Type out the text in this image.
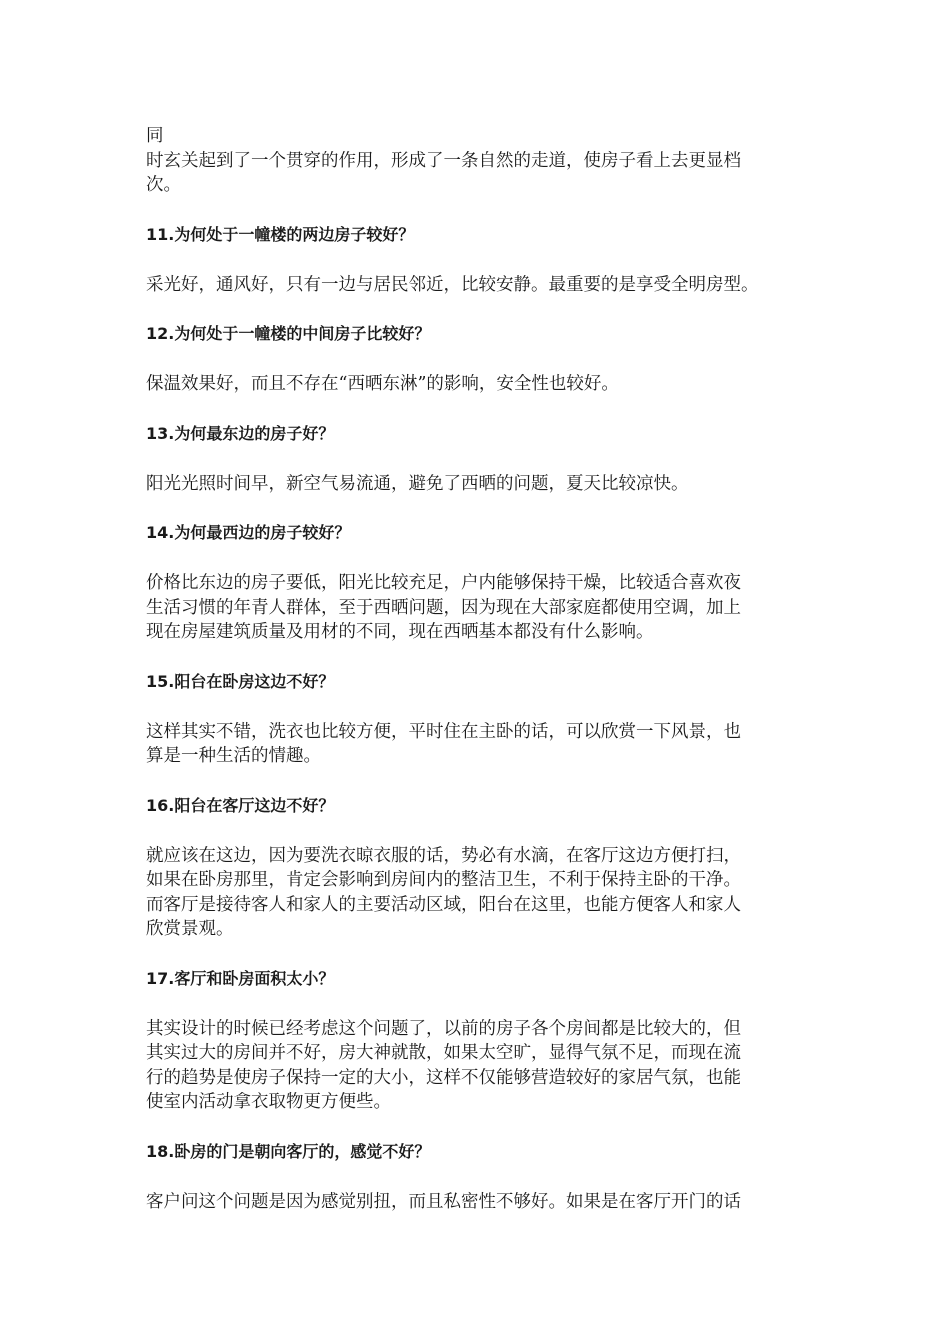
同
时玄关起到了一个贯穿的作用，形成了一条自然的走道，使房子看上去更显档
次。

11.为何处于一幢楼的两边房子较好？

采光好，通风好，只有一边与居民邻近，比较安静。最重要的是享受全明房型。

12.为何处于一幢楼的中间房子比较好？

保温效果好，而且不存在“西晒东淋”的影响，安全性也较好。

13.为何最东边的房子好？

阳光光照时间早，新空气易流通，避免了西晒的问题，夏天比较凉快。

14.为何最西边的房子较好？

价格比东边的房子要低，阳光比较充足，户内能够保持干燥，比较适合喜欢夜
生活习惯的年青人群体，至于西晒问题，因为现在大部家庭都使用空调，加上
现在房屋建筑质量及用材的不同，现在西晒基本都没有什么影响。

15.阳台在卧房这边不好？

这样其实不错，洗衣也比较方便，平时住在主卧的话，可以欣赏一下风景，也
算是一种生活的情趣。

16.阳台在客厅这边不好？

就应该在这边，因为要洗衣晾衣服的话，势必有水滴，在客厅这边方便打扫，
如果在卧房那里，肯定会影响到房间内的整洁卫生，不利于保持主卧的干净。
而客厅是接待客人和家人的主要活动区域，阳台在这里，也能方便客人和家人
欣赏景观。

17.客厅和卧房面积太小？

其实设计的时候已经考虑这个问题了，以前的房子各个房间都是比较大的，但
其实过大的房间并不好，房大神就散，如果太空旷，显得气氛不足，而现在流
行的趋势是使房子保持一定的大小，这样不仅能够营造较好的家居气氛，也能
使室内活动拿衣取物更方便些。

18.卧房的门是朝向客厅的，感觉不好？

客户问这个问题是因为感觉别扭，而且私密性不够好。如果是在客厅开门的话
